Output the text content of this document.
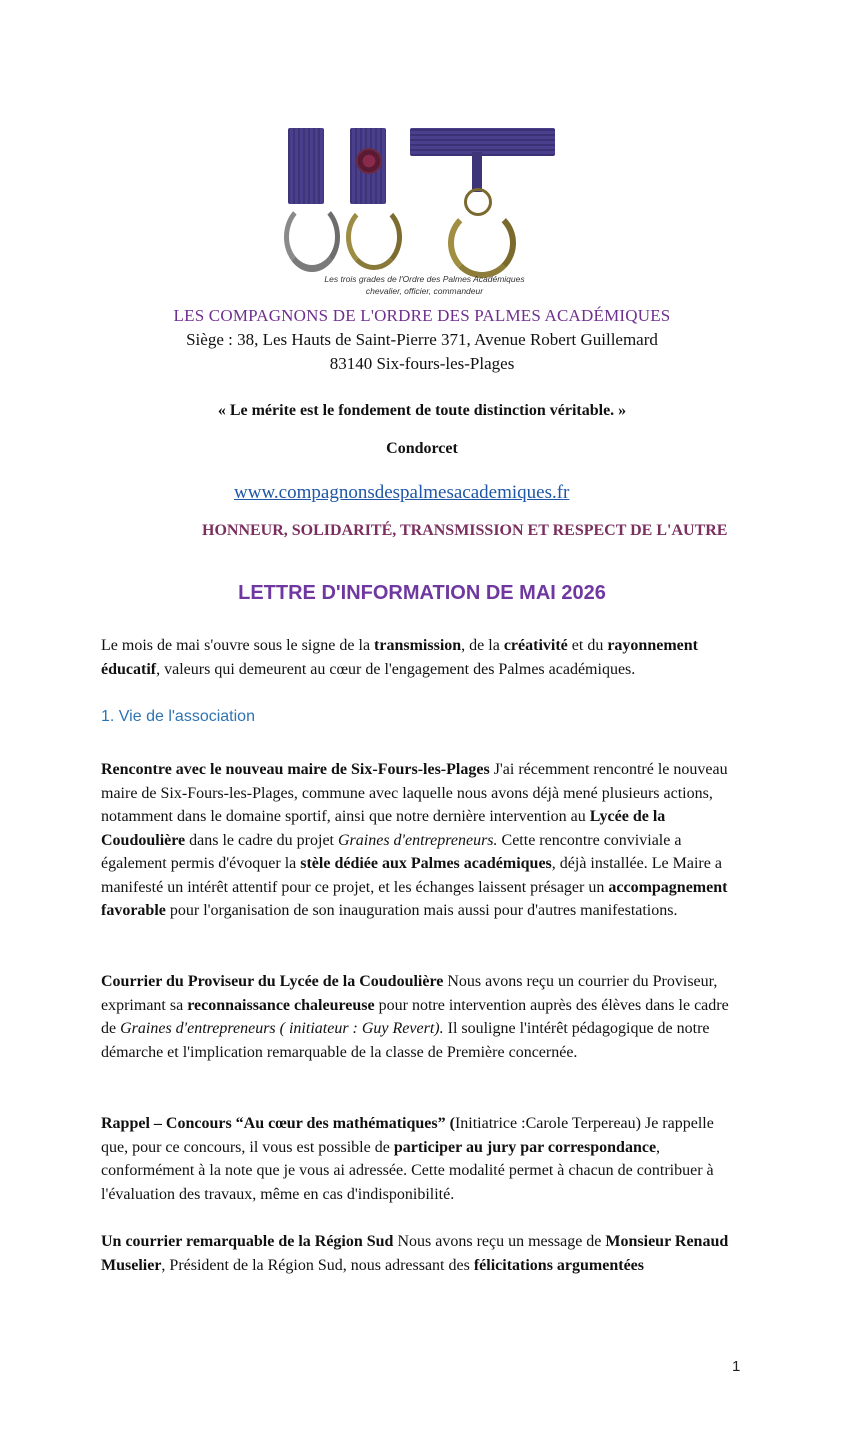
Les trois grades de l'Ordre des Palmes Académiques
chevalier, officier, commandeur
LES COMPAGNONS DE L'ORDRE DES PALMES ACADÉMIQUES
Siège : 38, Les Hauts de Saint-Pierre 371, Avenue Robert Guillemard
83140 Six-fours-les-Plages
« Le mérite est le fondement de toute distinction véritable. »
Condorcet
www.compagnonsdespalmesacademiques.fr
HONNEUR, SOLIDARITÉ, TRANSMISSION ET RESPECT DE L'AUTRE
LETTRE D'INFORMATION DE MAI 2026
Le mois de mai s'ouvre sous le signe de la transmission, de la créativité et du rayonnement éducatif, valeurs qui demeurent au cœur de l'engagement des Palmes académiques.
1. Vie de l'association
Rencontre avec le nouveau maire de Six-Fours-les-Plages J'ai récemment rencontré le nouveau maire de Six-Fours-les-Plages, commune avec laquelle nous avons déjà mené plusieurs actions, notamment dans le domaine sportif, ainsi que notre dernière intervention au Lycée de la Coudoulière dans le cadre du projet Graines d'entrepreneurs. Cette rencontre conviviale a également permis d'évoquer la stèle dédiée aux Palmes académiques, déjà installée. Le Maire a manifesté un intérêt attentif pour ce projet, et les échanges laissent présager un accompagnement favorable pour l'organisation de son inauguration mais aussi pour d'autres manifestations.
Courrier du Proviseur du Lycée de la Coudoulière Nous avons reçu un courrier du Proviseur, exprimant sa reconnaissance chaleureuse pour notre intervention auprès des élèves dans le cadre de Graines d'entrepreneurs ( initiateur : Guy Revert). Il souligne l'intérêt pédagogique de notre démarche et l'implication remarquable de la classe de Première concernée.
Rappel – Concours “Au cœur des mathématiques” (Initiatrice :Carole Terpereau) Je rappelle que, pour ce concours, il vous est possible de participer au jury par correspondance, conformément à la note que je vous ai adressée. Cette modalité permet à chacun de contribuer à l'évaluation des travaux, même en cas d'indisponibilité.
Un courrier remarquable de la Région Sud Nous avons reçu un message de Monsieur Renaud Muselier, Président de la Région Sud, nous adressant des félicitations argumentées
1
